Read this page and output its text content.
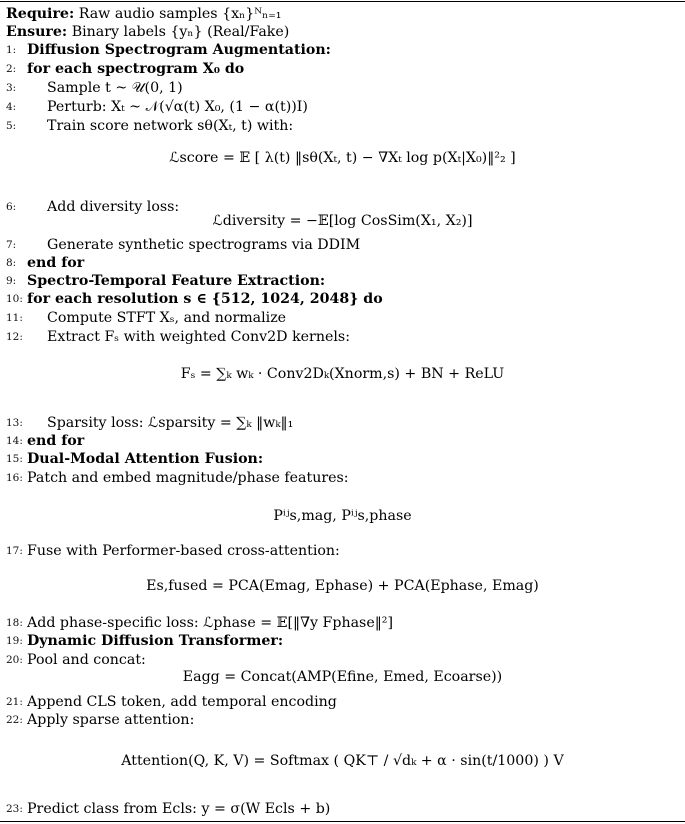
Require: Raw audio samples {xₙ}ᴺₙ₌₁
Ensure: Binary labels {yₙ} (Real/Fake)
1: Diffusion Spectrogram Augmentation:
2: for each spectrogram X₀ do
3:	Sample t ~ 𝒰(0, 1)
4:	Perturb: Xₜ ~ 𝒩(√α(t) X₀, (1 − α(t))I)
5:	Train score network sθ(Xₜ, t) with:
ℒscore = 𝔼 [ λ(t) ‖sθ(Xₜ, t) − ∇Xₜ log p(Xₜ|X₀)‖²₂ ]
6:	Add diversity loss:
ℒdiversity = −𝔼[log CosSim(X₁, X₂)]
7:	Generate synthetic spectrograms via DDIM
8: end for
9: Spectro-Temporal Feature Extraction:
10: for each resolution s ∈ {512, 1024, 2048} do
11:	Compute STFT Xₛ, and normalize
12:	Extract Fₛ with weighted Conv2D kernels:
Fₛ = ∑ₖ wₖ · Conv2Dₖ(Xnorm,s) + BN + ReLU
13:	Sparsity loss: ℒsparsity = ∑ₖ ‖wₖ‖₁
14: end for
15: Dual-Modal Attention Fusion:
16: Patch and embed magnitude/phase features:
Pⁱʲs,mag, Pⁱʲs,phase
17: Fuse with Performer-based cross-attention:
Es,fused = PCA(Emag, Ephase) + PCA(Ephase, Emag)
18: Add phase-specific loss: ℒphase = 𝔼[‖∇y Fphase‖²]
19: Dynamic Diffusion Transformer:
20: Pool and concat:
Eagg = Concat(AMP(Efine, Emed, Ecoarse))
21: Append CLS token, add temporal encoding
22: Apply sparse attention:
Attention(Q, K, V) = Softmax ( QK⊤ / √dₖ + α · sin(t/1000) ) V
23: Predict class from Ecls: y = σ(W Ecls + b)
